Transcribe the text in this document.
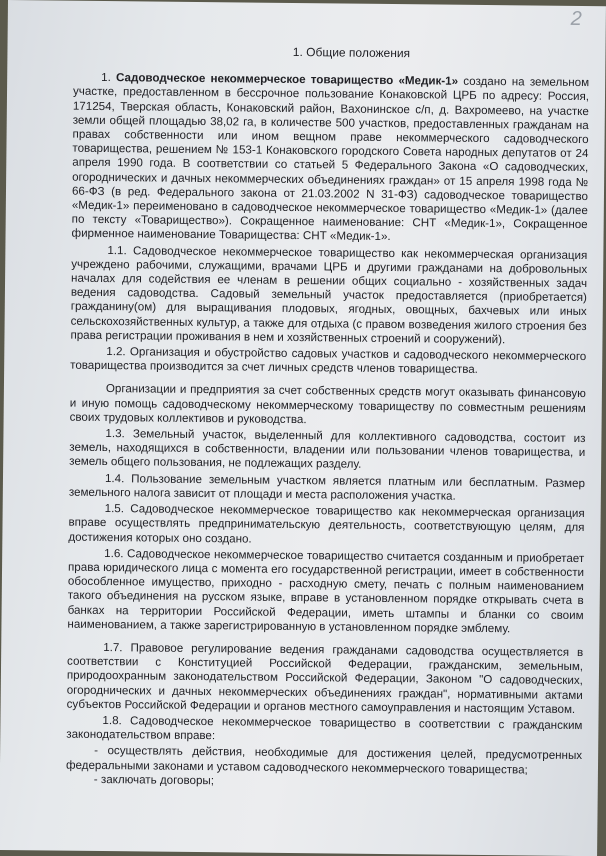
2
1. Общие положения

1. Садоводческое некоммерческое товарищество «Медик-1» создано на земельном участке, предоставленном в бессрочное пользование Конаковской ЦРБ по адресу: Россия, 171254, Тверская область, Конаковский район, Вахонинское с/п, д. Вахромеево, на участке земли общей площадью 38,02 га, в количестве 500 участков, предоставленных гражданам на правах собственности или ином вещном праве некоммерческого садоводческого товарищества, решением № 153-1 Конаковского городского Совета народных депутатов от 24 апреля 1990 года. В соответствии со статьей 5 Федерального Закона «О садоводческих, огороднических и дачных некоммерческих объединениях граждан» от 15 апреля 1998 года № 66-ФЗ (в ред. Федерального закона от 21.03.2002 N 31-ФЗ) садоводческое товарищество «Медик-1» переименовано в садоводческое некоммерческое товарищество «Медик-1» (далее по тексту «Товарищество»). Сокращенное наименование: СНТ «Медик-1», Сокращенное фирменное наименование Товарищества: СНТ «Медик-1».

1.1. Садоводческое некоммерческое товарищество как некоммерческая организация учреждено рабочими, служащими, врачами ЦРБ и другими гражданами на добровольных началах для содействия ее членам в решении общих социально - хозяйственных задач ведения садоводства. Садовый земельный участок предоставляется (приобретается) гражданину(ом) для выращивания плодовых, ягодных, овощных, бахчевых или иных сельскохозяйственных культур, а также для отдыха (с правом возведения жилого строения без права регистрации проживания в нем и хозяйственных строений и сооружений).

1.2. Организация и обустройство садовых участков и садоводческого некоммерческого товарищества производится за счет личных средств членов товарищества.

Организации и предприятия за счет собственных средств могут оказывать финансовую и иную помощь садоводческому некоммерческому товариществу по совместным решениям своих трудовых коллективов и руководства.

1.3. Земельный участок, выделенный для коллективного садоводства, состоит из земель, находящихся в собственности, владении или пользовании членов товарищества, и земель общего пользования, не подлежащих разделу.

1.4. Пользование земельным участком является платным или бесплатным. Размер земельного налога зависит от площади и места расположения участка.

1.5. Садоводческое некоммерческое товарищество как некоммерческая организация вправе осуществлять предпринимательскую деятельность, соответствующую целям, для достижения которых оно создано.

1.6. Садоводческое некоммерческое товарищество считается созданным и приобретает права юридического лица с момента его государственной регистрации, имеет в собственности обособленное имущество, приходно - расходную смету, печать с полным наименованием такого объединения на русском языке, вправе в установленном порядке открывать счета в банках на территории Российской Федерации, иметь штампы и бланки со своим наименованием, а также зарегистрированную в установленном порядке эмблему.

1.7. Правовое регулирование ведения гражданами садоводства осуществляется в соответствии с Конституцией Российской Федерации, гражданским, земельным, природоохранным законодательством Российской Федерации, Законом "О садоводческих, огороднических и дачных некоммерческих объединениях граждан", нормативными актами субъектов Российской Федерации и органов местного самоуправления и настоящим Уставом.

1.8. Садоводческое некоммерческое товарищество в соответствии с гражданским законодательством вправе:

- осуществлять действия, необходимые для достижения целей, предусмотренных федеральными законами и уставом садоводческого некоммерческого товарищества;

- заключать договоры;
